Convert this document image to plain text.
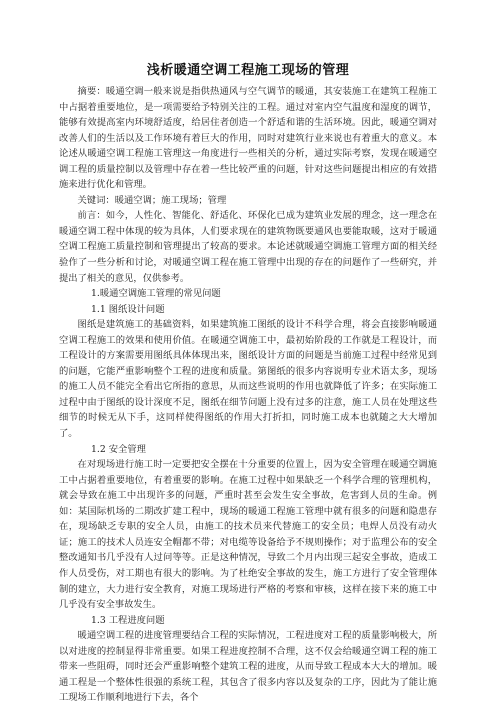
浅析暖通空调工程施工现场的管理

摘要：暖通空调一般来说是指供热通风与空气调节的暖通，其安装施工在建筑工程施工中占据着重要地位，是一项需要给予特别关注的工程。通过对室内空气温度和湿度的调节，能够有效提高室内环境舒适度，给居住者创造一个舒适和谐的生活环境。因此，暖通空调对改善人们的生活以及工作环境有着巨大的作用，同时对建筑行业来说也有着重大的意义。本论述从暖通空调工程施工管理这一角度进行一些相关的分析，通过实际考察，发现在暖通空调工程的质量控制以及管理中存在着一些比较严重的问题，针对这些问题提出相应的有效措施来进行优化和管理。

关键词：暖通空调；施工现场；管理

前言：如今，人性化、智能化、舒适化、环保化已成为建筑业发展的理念，这一理念在暖通空调工程中体现的较为具体，人们要求现在的建筑物既要通风也要能取暖，这对于暖通空调工程施工质量控制和管理提出了较高的要求。本论述就暖通空调施工管理方面的相关经验作了一些分析和讨论，对暖通空调工程在施工管理中出现的存在的问题作了一些研究，并提出了相关的意见，仅供参考。

1.暖通空调施工管理的常见问题

1.1 图纸设计问题

图纸是建筑施工的基础资料，如果建筑施工图纸的设计不科学合理，将会直接影响暖通空调工程施工的效果和使用价值。在暖通空调施工中，最初始阶段的工作就是工程设计，而工程设计的方案需要用图纸具体体现出来，图纸设计方面的问题是当前施工过程中经常见到的问题，它能严重影响整个工程的进度和质量。第图纸的很多内容说明专业术语太多，现场的施工人员不能完全看出它所指的意思，从而这些说明的作用也就降低了许多；在实际施工过程中由于图纸的设计深度不足，图纸在细节问题上没有过多的注意，施工人员在处理这些细节的时候无从下手，这同样使得图纸的作用大打折扣，同时施工成本也就随之大大增加了。

1.2 安全管理

在对现场进行施工时一定要把安全摆在十分重要的位置上，因为安全管理在暖通空调施工中占据着重要地位，有着重要的影响。在施工过程中如果缺乏一个科学合理的管理机构，就会导致在施工中出现许多的问题，严重时甚至会发生安全事故，危害到人员的生命。例如：某国际机场的二期改扩建工程中，现场的暖通工程施工管理中就有很多的问题和隐患存在，现场缺乏专职的安全人员，由施工的技术员来代替施工的安全员；电焊人员没有动火证；施工的技术人员连安全帽都不带；对电缆等设备给予不规则操作；对于监理公布的安全整改通知书几乎没有人过问等等。正是这种情况，导致二个月内出现三起安全事故，造成工作人员受伤，对工期也有很大的影响。为了杜绝安全事故的发生，施工方进行了安全管理体制的建立，大力进行安全教育，对施工现场进行严格的考察和审核，这样在接下来的施工中几乎没有安全事故发生。

1.3 工程进度问题

暖通空调工程的进度管理要结合工程的实际情况，工程进度对工程的质量影响极大，所以对进度的控制显得非常重要。如果工程进度控制不合理，这不仅会给暖通空调工程的施工带来一些阻碍，同时还会严重影响整个建筑工程的进度，从而导致工程成本大大的增加。暖通工程是一个整体性很强的系统工程，其包含了很多内容以及复杂的工序，因此为了能让施工现场工作顺利地进行下去，各个
